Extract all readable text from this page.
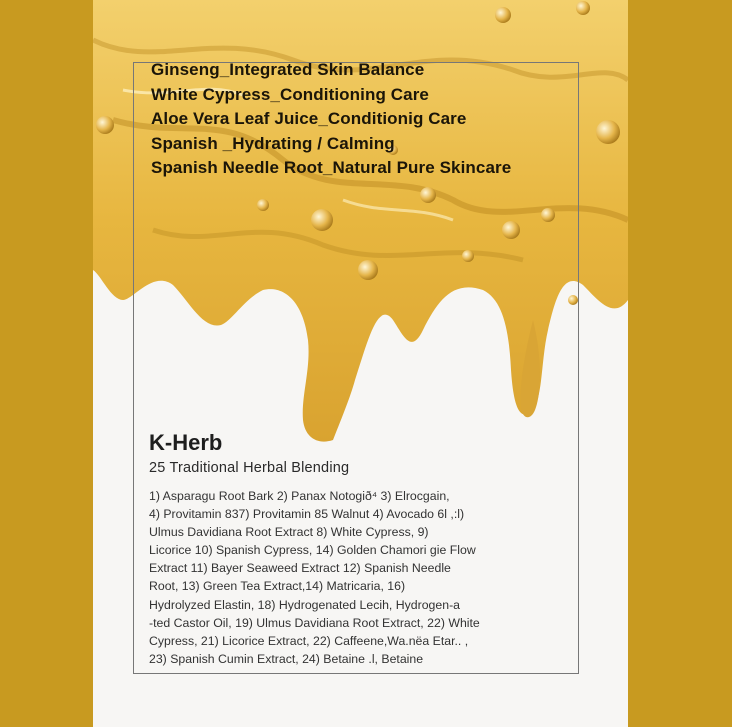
Ginseng_Integrated Skin Balance
White Cypress_Conditioning Care
Aloe Vera Leaf Juice_Conditionig Care
Spanish _Hydrating / Calming
Spanish Needle Root_Natural Pure Skincare
K-Herb
25 Traditional Herbal Blending
1) Asparagu Root Bark 2) Panax Notogið⁴ 3) Elrocgain,
4) Provitamin 837) Provitamin 85 Walnut 4) Avocado 6l ,:l)
Ulmus Davidiana Root Extract 8) White Cypress, 9)
Licorice 10) Spanish Cypress, 14) Golden Chamori gie Flow
Extract 11) Bayer Seaweed Extract 12) Spanish Needle
Root, 13) Green Tea Extract,14) Matricaria, 16)
Hydrolyzed Elastin, 18) Hydrogenated Lecih, Hydrogen-a
-ted Castor Oil, 19) Ulmus Davidiana Root Extract, 22) White
Cypress, 21) Licorice Extract, 22) Caffeene,Wa.nëa Etar.. ,
23) Spanish Cumin Extract, 24) Betaine .l, Betaine
